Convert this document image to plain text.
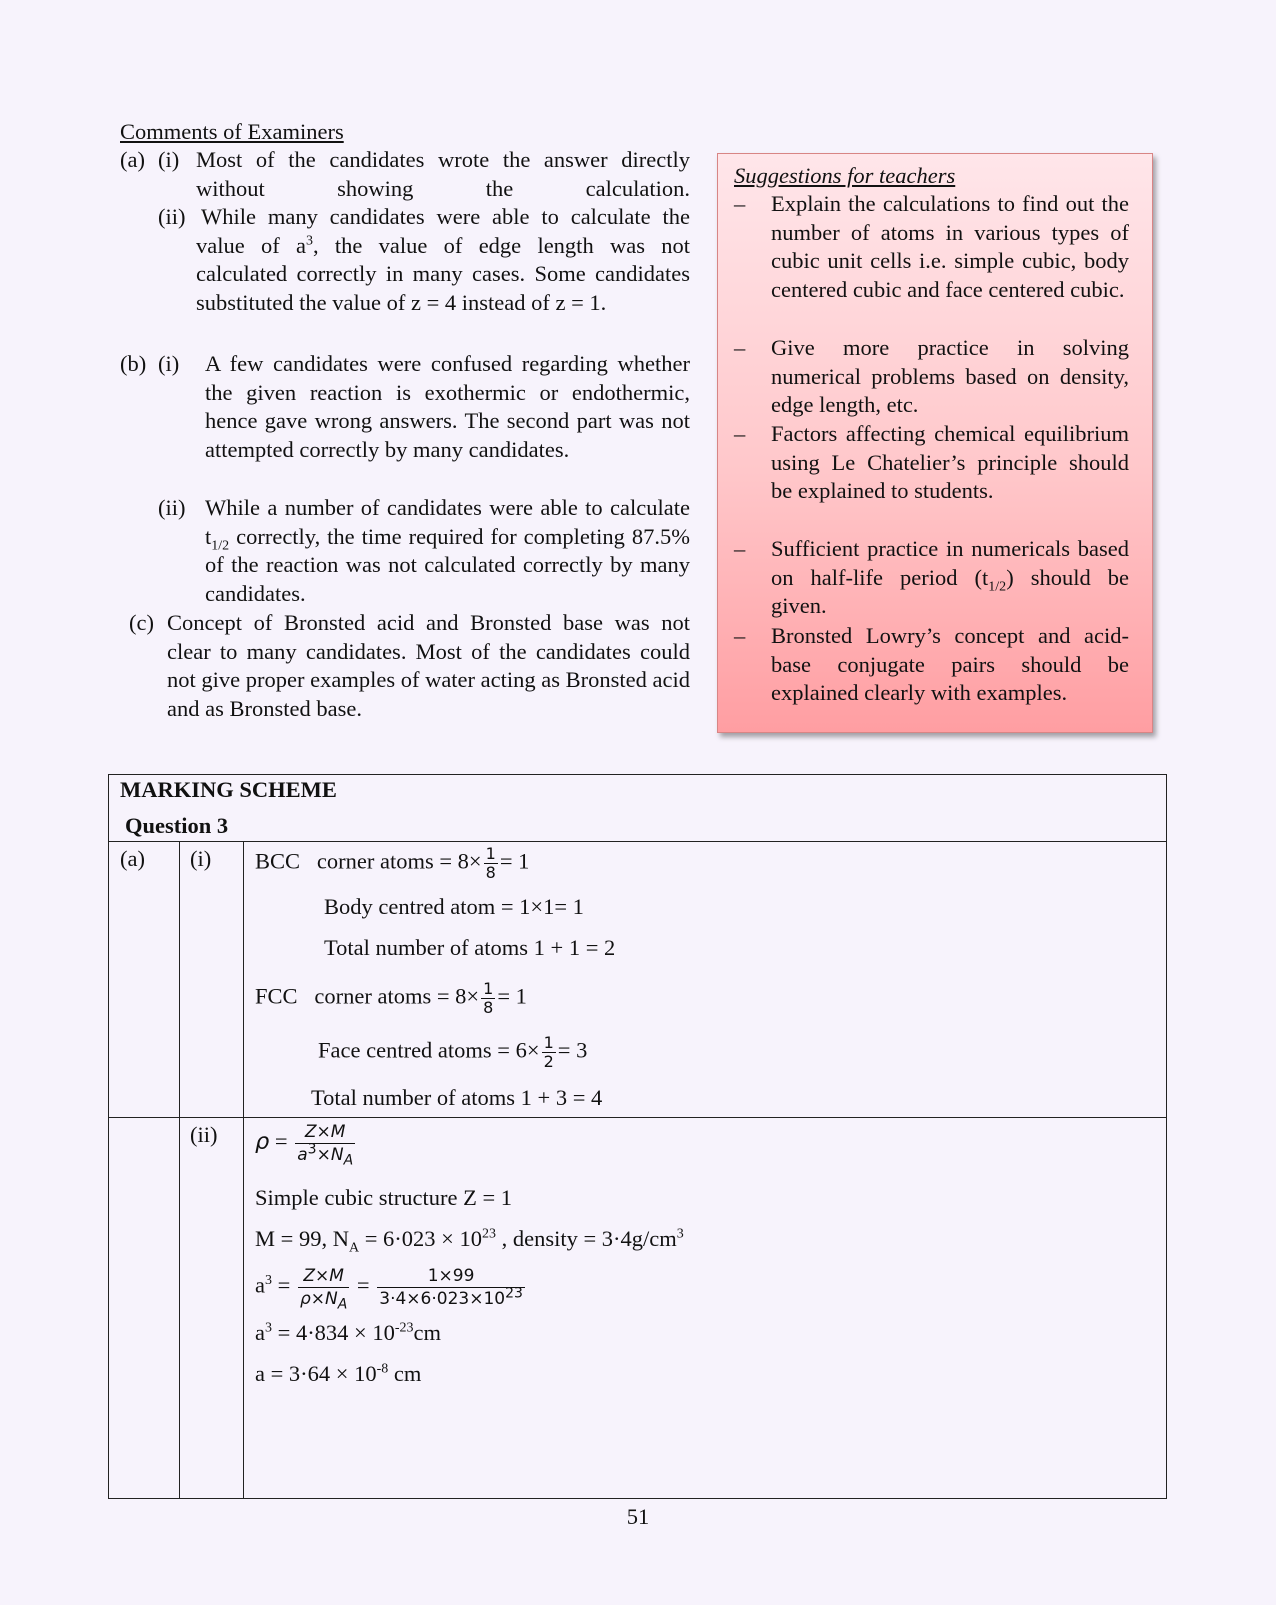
Comments of Examiners
(a) (i) Most of the candidates wrote the answer directly without showing the calculation.
(ii) While many candidates were able to calculate the value of $a^3$, the value of edge length was not calculated correctly in many cases. Some candidates substituted the value of z = 4 instead of z = 1.
(b) (i) A few candidates were confused regarding whether the given reaction is exothermic or endothermic, hence gave wrong answers. The second part was not attempted correctly by many candidates.
(ii) While a number of candidates were able to calculate $t_{1/2}$ correctly, the time required for completing 87.5% of the reaction was not calculated correctly by many candidates.
(c) Concept of Bronsted acid and Bronsted base was not clear to many candidates. Most of the candidates could not give proper examples of water acting as Bronsted acid and as Bronsted base.
Suggestions for teachers
– Explain the calculations to find out the number of atoms in various types of cubic unit cells i.e. simple cubic, body centered cubic and face centered cubic.
– Give more practice in solving numerical problems based on density, edge length, etc.
– Factors affecting chemical equilibrium using Le Chatelier’s principle should be explained to students.
– Sufficient practice in numericals based on half-life period $(t_{1/2})$ should be given.
– Bronsted Lowry’s concept and acid-base conjugate pairs should be explained clearly with examples.
MARKING SCHEME
Question 3
(a) (i)
(ii)
BCC corner atoms = $8\times \frac{1}{8} = 1$
Body centred atom = 1×1= 1
Total number of atoms 1 + 1 = 2
FCC corner atoms = $8\times \frac{1}{8} = 1$
Face centred atoms = $6\times \frac{1}{2} = 3$
Total number of atoms 1 + 3 = 4
$\rho = \frac{Z\times M}{a^3\times N_A}$
Simple cubic structure Z = 1
M = 99, $N_A = 6\cdot 023 \times 10^{23}$ , density = $3\cdot 4g/cm^3$
$a^3 = \frac{Z\times M}{\rho\times N_A} = \frac{1\times 99}{3\cdot 4\times 6\cdot 023\times 10^{23}}$
$a^3 = 4\cdot 834 \times 10^{-23}cm$
$a = 3\cdot 64 \times 10^{-8}$ cm
51
